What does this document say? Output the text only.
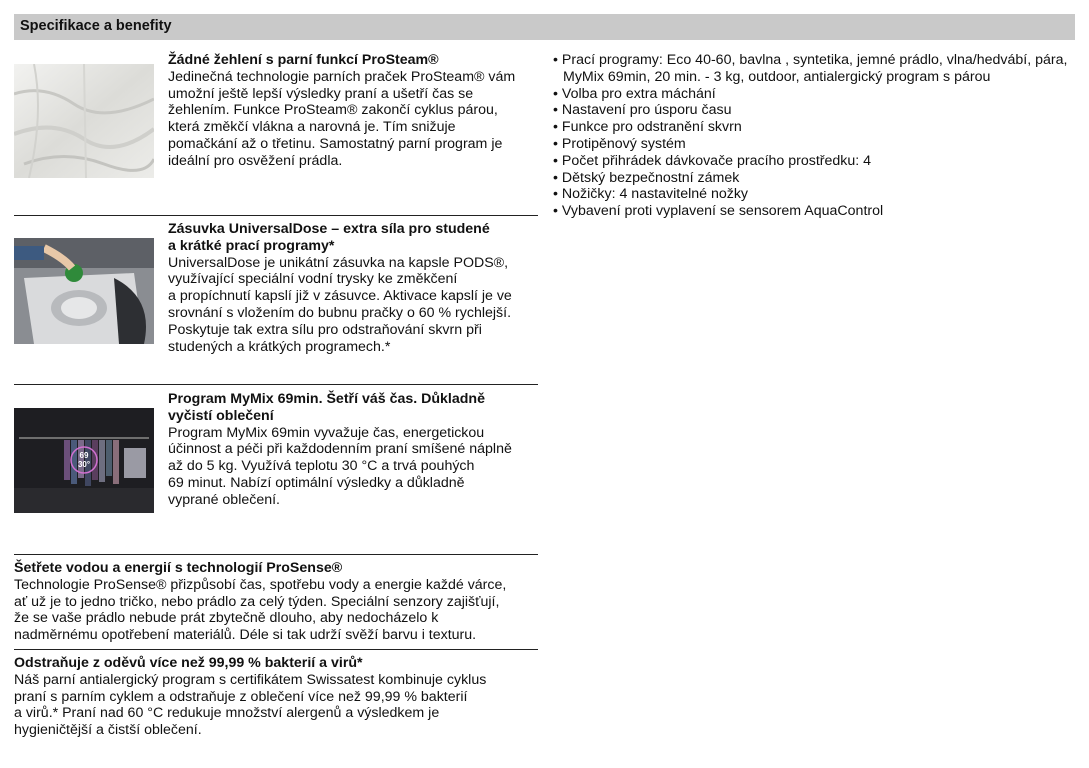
Specifikace a benefity
Žádné žehlení s parní funkcí ProSteam®
Jedinečná technologie parních praček ProSteam® vám
umožní ještě lepší výsledky praní a ušetří čas se
žehlením. Funkce ProSteam® zakončí cyklus párou,
která změkčí vlákna a narovná je. Tím snižuje
pomačkání až o třetinu. Samostatný parní program je
ideální pro osvěžení prádla.
Zásuvka UniversalDose – extra síla pro studené
a krátké prací programy*
UniversalDose je unikátní zásuvka na kapsle PODS®,
využívající speciální vodní trysky ke změkčení
a propíchnutí kapslí již v zásuvce. Aktivace kapslí je ve
srovnání s vložením do bubnu pračky o 60 % rychlejší.
Poskytuje tak extra sílu pro odstraňování skvrn při
studených a krátkých programech.*
69
30°
Program MyMix 69min. Šetří váš čas. Důkladně
vyčistí oblečení
Program MyMix 69min vyvažuje čas, energetickou
účinnost a péči při každodenním praní smíšené náplně
až do 5 kg. Využívá teplotu 30 °C a trvá pouhých
69 minut. Nabízí optimální výsledky a důkladně
vyprané oblečení.
Šetřete vodou a energií s technologií ProSense®
Technologie ProSense® přizpůsobí čas, spotřebu vody a energie každé várce,
ať už je to jedno tričko, nebo prádlo za celý týden. Speciální senzory zajišťují,
že se vaše prádlo nebude prát zbytečně dlouho, aby nedocházelo k
nadměrnému opotřebení materiálů. Déle si tak udrží svěží barvu i texturu.
Odstraňuje z oděvů více než 99,99 % bakterií a virů*
Náš parní antialergický program s certifikátem Swissatest kombinuje cyklus
praní s parním cyklem a odstraňuje z oblečení více než 99,99 % bakterií
a virů.* Praní nad 60 °C redukuje množství alergenů a výsledkem je
hygieničtější a čistší oblečení.
• Prací programy: Eco 40-60, bavlna , syntetika, jemné prádlo, vlna/hedvábí, pára, MyMix 69min, 20 min. - 3 kg, outdoor, antialergický program s párou
• Volba pro extra máchání
• Nastavení pro úsporu času
• Funkce pro odstranění skvrn
• Protipěnový systém
• Počet přihrádek dávkovače pracího prostředku: 4
• Dětský bezpečnostní zámek
• Nožičky: 4 nastavitelné nožky
• Vybavení proti vyplavení se sensorem AquaControl
